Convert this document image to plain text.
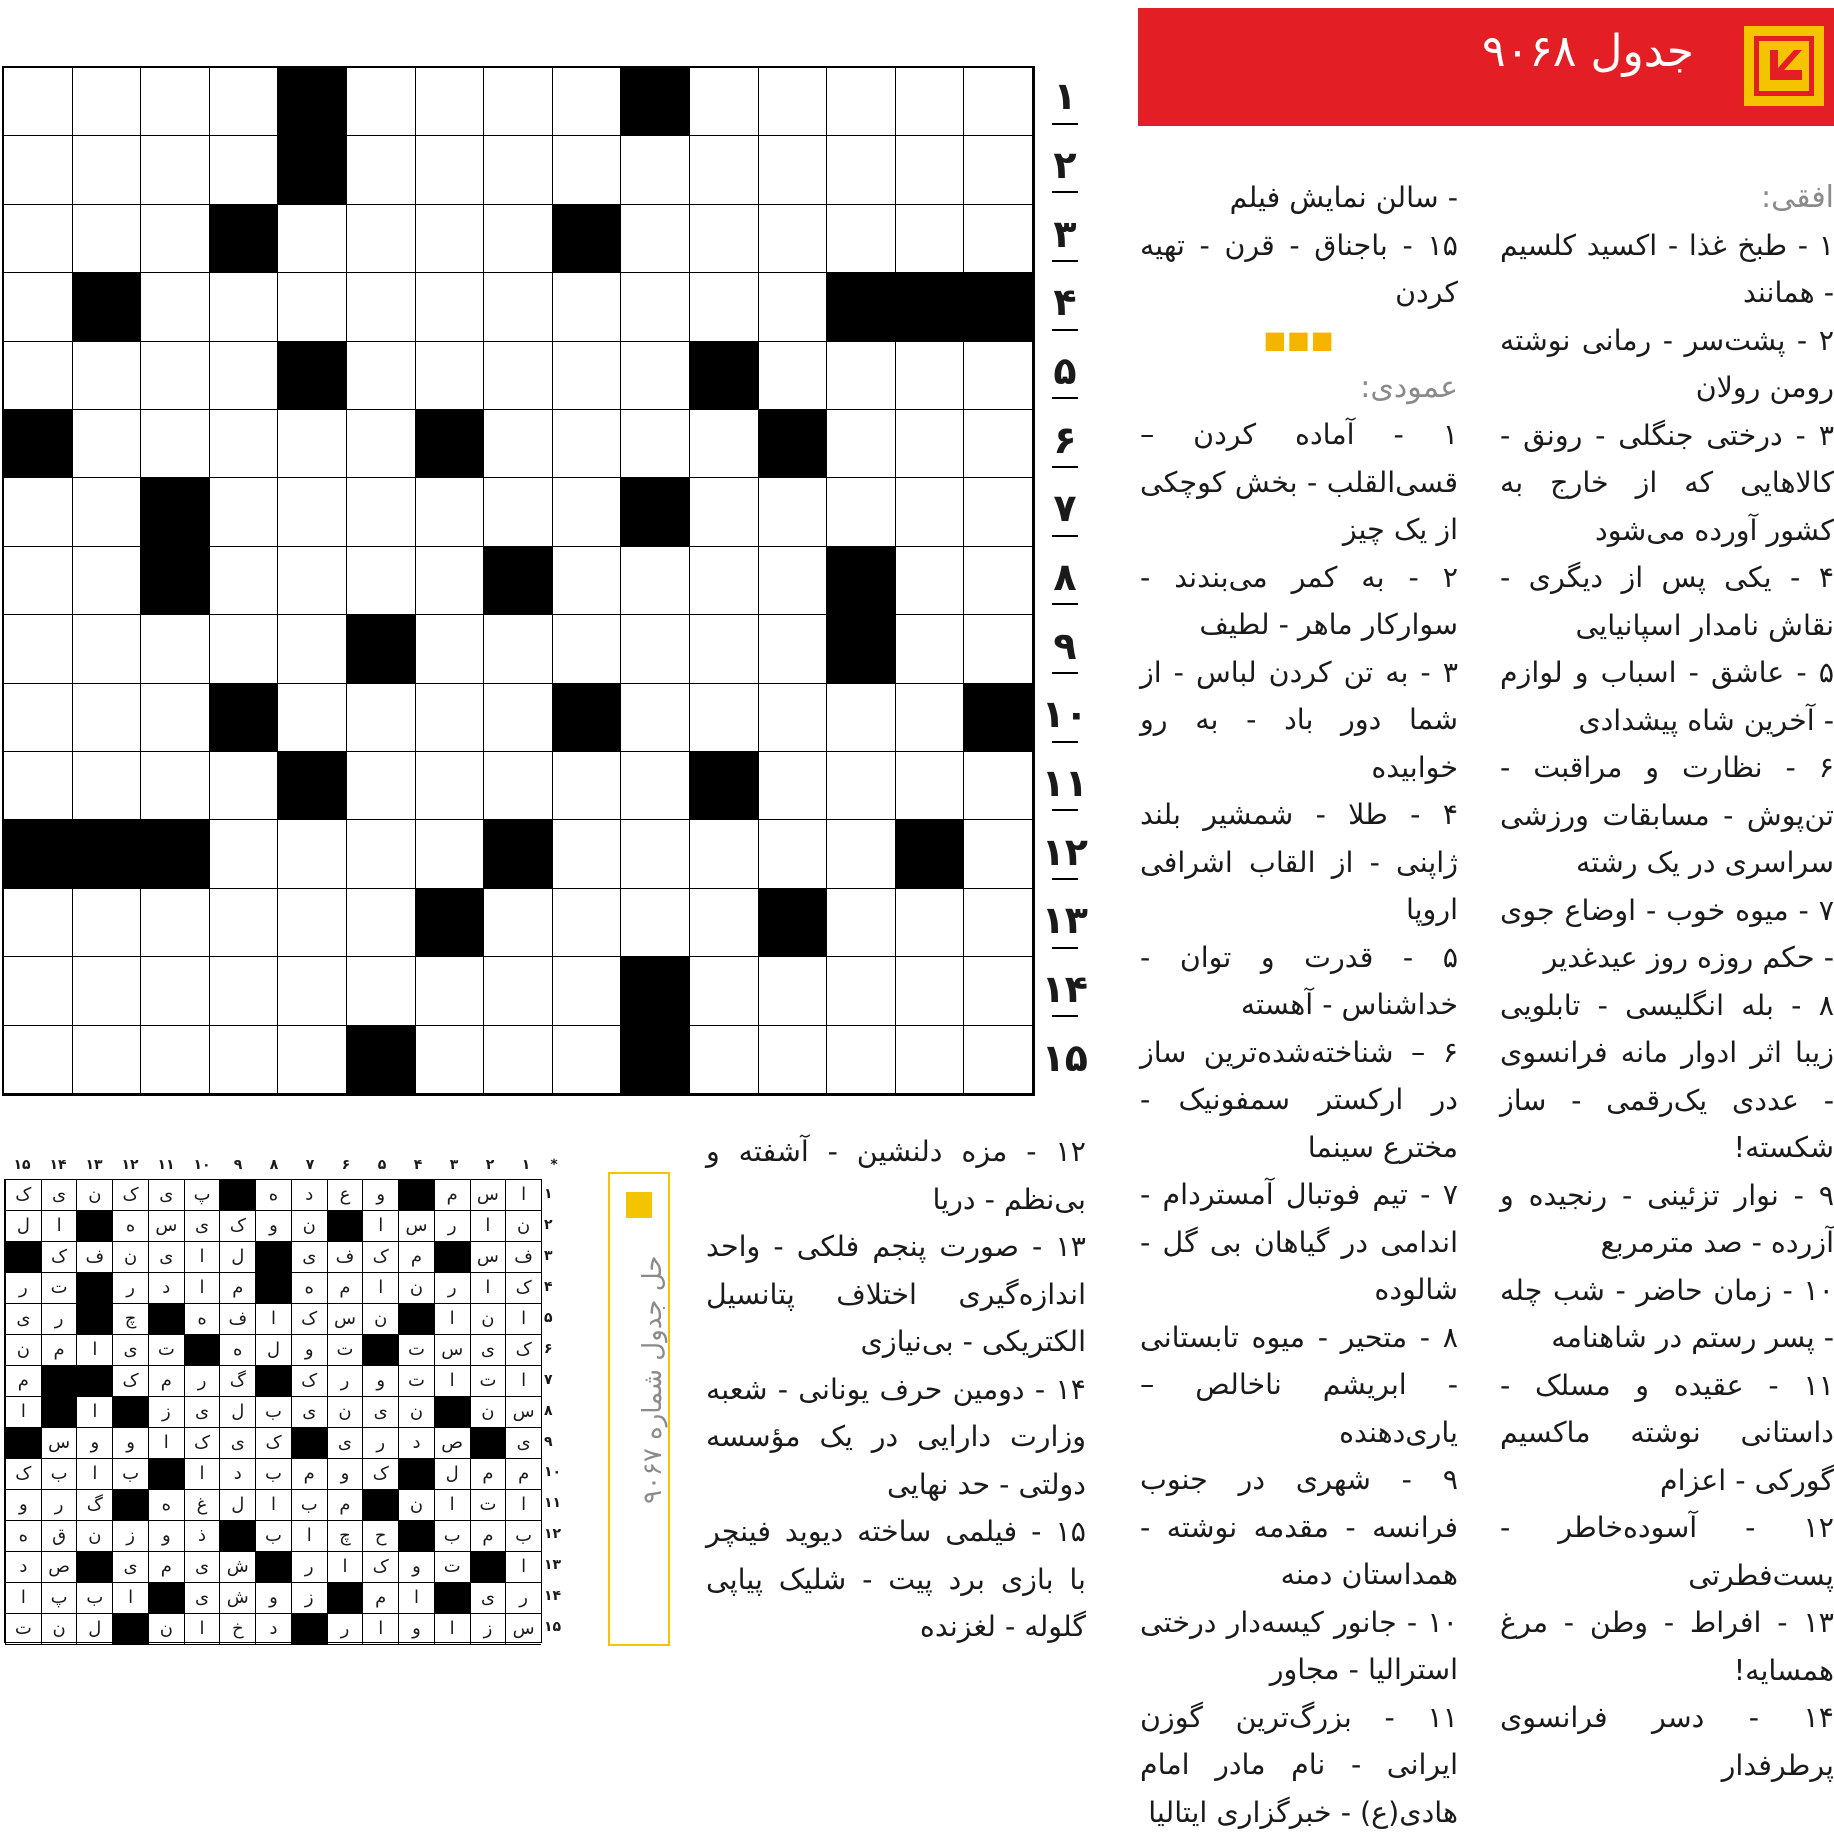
جدول ۹۰۶۸
۱
۲
۳
۴
۵
۶
۷
۸
۹
۱۰
۱۱
۱۲
۱۳
۱۴
۱۵
افقی:
۱ - طبخ غذا - اکسید کلسیم - همانند
۲ - پشت‌سر - رمانی نوشته رومن رولان
۳ - درختی جنگلی - رونق - کالاهایی که از خارج به کشور آورده می‌شود
۴ - یکی پس از دیگری - نقاش نامدار اسپانیایی
۵ - عاشق - اسباب و لوازم - آخرین شاه پیشدادی
۶ - نظارت و مراقبت - تن‌پوش - مسابقات ورزشی سراسری در یک رشته
۷ - میوه خوب - اوضاع جوی - حکم روزه روز عیدغدیر
۸ - بله انگلیسی - تابلویی زیبا اثر ادوار مانه فرانسوی - عددی یک‌رقمی - ساز شکسته!
۹ - نوار تزئینی - رنجیده و آزرده - صد مترمربع
۱۰ - زمان حاضر - شب چله - پسر رستم در شاهنامه
۱۱ - عقیده و مسلک - داستانی نوشته ماکسیم گورکی - اعزام
۱۲ - آسوده‌خاطر - پست‌فطرتی
۱۳ - افراط - وطن - مرغ همسایه!
۱۴ - دسر فرانسوی پرطرفدار
- سالن نمایش فیلم
۱۵ - باجناق - قرن - تهیه کردن
■■■
عمودی:
۱ - آماده کردن – قسی‌القلب - بخش کوچکی از یک چیز
۲ - به کمر می‌بندند - سوارکار ماهر - لطیف
۳ - به تن کردن لباس - از شما دور باد - به رو خوابیده
۴ - طلا - شمشیر بلند ژاپنی - از القاب اشرافی اروپا
۵ - قدرت و توان - خداشناس - آهسته
۶ – شناخته‌شده‌ترین ساز در ارکستر سمفونیک - مخترع سینما
۷ - تیم فوتبال آمستردام - اندامی در گیاهان بی گل - شالوده
۸ - متحیر - میوه تابستانی - ابریشم ناخالص – یاری‌دهنده
۹ - شهری در جنوب فرانسه - مقدمه نوشته - همداستان دمنه
۱۰ - جانور کیسه‌دار درختی استرالیا - مجاور
۱۱ - بزرگ‌ترین گوزن ایرانی - نام مادر امام هادی(ع) - خبرگزاری ایتالیا
۱۲ - مزه دلنشین - آشفته و بی‌نظم - دریا
۱۳ - صورت پنجم فلکی - واحد اندازه‌گیری اختلاف پتانسیل الکتریکی - بی‌نیازی
۱۴ - دومین حرف یونانی - شعبه وزارت دارایی در یک مؤسسه دولتی - حد نهایی
۱۵ - فیلمی ساخته دیوید فینچر با بازی برد پیت - شلیک پیاپی گلوله - لغزنده
حل جدول شماره ۹۰۶۷
*
۱
۲
۳
۴
۵
۶
۷
۸
۹
۱۰
۱۱
۱۲
۱۳
۱۴
۱۵
۱
۲
۳
۴
۵
۶
۷
۸
۹
۱۰
۱۱
۱۲
۱۳
۱۴
۱۵
ا
س
م
و
ع
د
ه
پ
ی
ک
ن
ی
ک
ن
ا
ر
س
ا
ن
و
ک
ی
س
ه
ا
ل
ف
س
م
ک
ف
ی
ل
ا
ی
ن
ف
ک
ک
ا
ر
ن
ا
م
ه
م
ا
د
ر
ت
ر
ا
ن
ا
ن
س
ک
ا
ف
ه
چ
ر
ی
ک
ی
س
ت
ت
و
ل
ه
ت
ی
ا
م
ن
ا
ت
ا
ت
و
ر
ک
گ
ر
م
ک
م
س
ن
ن
ی
ن
ی
ب
ل
ی
ز
ا
ا
ی
ص
د
ر
ی
ک
ی
ک
ا
و
و
س
م
م
ل
ک
و
م
ب
د
ا
ب
ا
ب
ک
ا
ت
ا
ن
م
ب
ا
ل
غ
ه
گ
ر
و
ب
م
ب
ح
چ
ا
ب
ذ
و
ز
ن
ق
ه
ا
ت
و
ک
ا
ر
ش
ی
م
ی
ص
د
ر
ی
ا
م
ز
و
ش
ی
ا
ب
پ
ا
س
ز
ا
و
ا
ر
د
خ
ا
ن
ل
ن
ت
